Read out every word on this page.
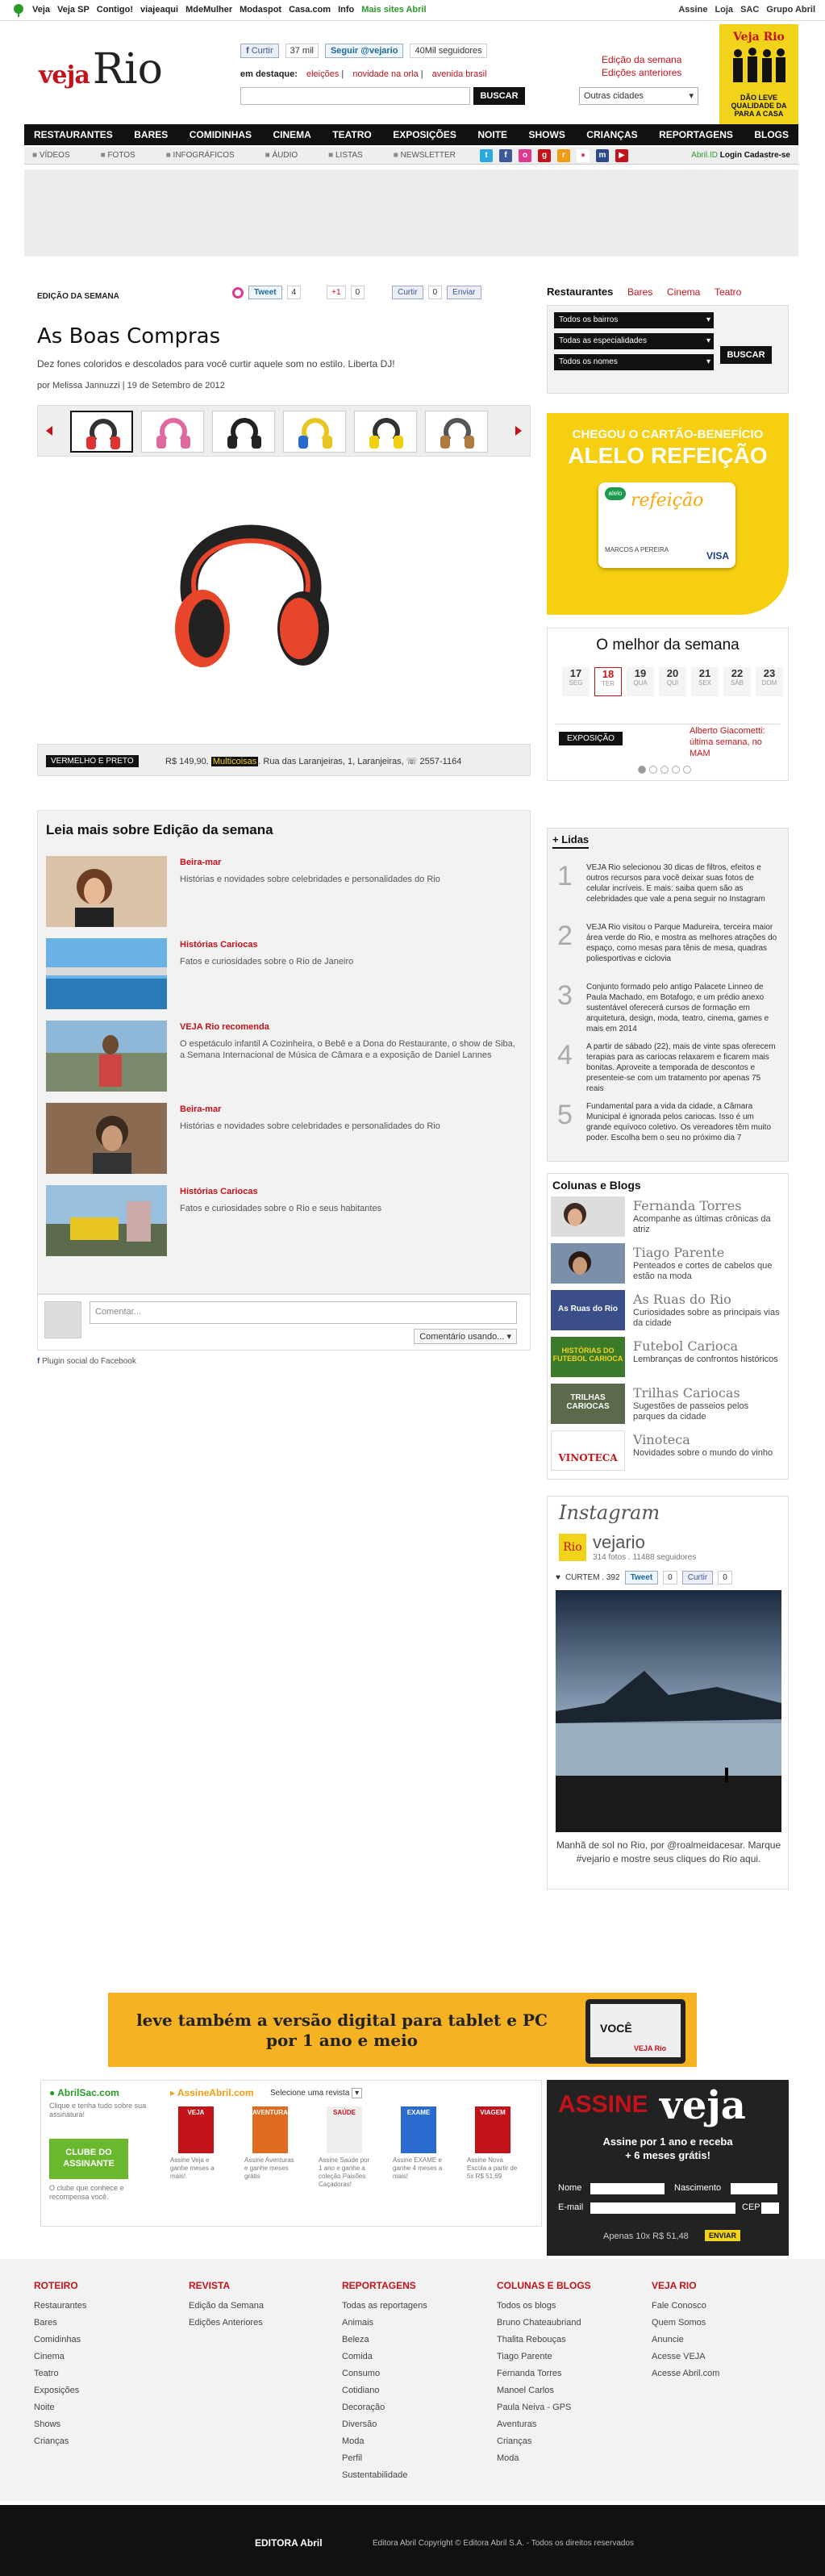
Veja Veja SP Contigo! viajeaqui MdeMulher Modaspot Casa.com Info Mais sites Abril	Assine Loja SAC Grupo Abril
vejaRio	f Curtir	37 mil	Seguir @vejario	40Mil seguidores
em destaque: eleições | novidade na orla | avenida brasil
BUSCAR
Edição da semana
Edições anteriores
Outras cidades	▾
Veja Rio
DÃO LEVE QUALIDADE DA PARA A CASA
RESTAURANTES BARES COMIDINHAS CINEMA TEATRO EXPOSIÇÕES NOITE SHOWS CRIANÇAS REPORTAGENS BLOGS
■ VÍDEOS	■ FOTOS	■ INFOGRÁFICOS	■ ÁUDIO	■ LISTAS	■ NEWSLETTER	t	f	o	g	r	●	m	▶	Abril.ID Login Cadastre-se
EDIÇÃO DA SEMANA	Tweet	4	+1	0	Curtir	0	Enviar
As Boas Compras
Dez fones coloridos e descolados para você curtir aquele som no estilo. Liberta DJ!
por Melissa Jannuzzi | 19 de Setembro de 2012
VERMELHO E PRETO	R$ 149,90. Multicoisas . Rua das Laranjeiras, 1, Laranjeiras, ☏ 2557-1164
Leia mais sobre Edição da semana
Beira-mar
Histórias e novidades sobre celebridades e personalidades do Rio
Histórias Cariocas
Fatos e curiosidades sobre o Rio de Janeiro
VEJA Rio recomenda
O espetáculo infantil A Cozinheira, o Bebê e a Dona do Restaurante, o show de Siba, a Semana Internacional de Música de Câmara e a exposição de Daniel Lannes
Beira-mar
Histórias e novidades sobre celebridades e personalidades do Rio
Histórias Cariocas
Fatos e curiosidades sobre o Rio e seus habitantes
Comentar...
Comentário usando... ▾
f Plugin social do Facebook
Restaurantes Bares Cinema Teatro
Todos os bairros	▾
Todas as especialidades	▾
Todos os nomes	▾
BUSCAR
CHEGOU O CARTÃO-BENEFÍCIO
ALELO REFEIÇÃO
alelo refeição
MARCOS A PEREIRA
VISA
O melhor da semana
17
SEG
18
TER
19
QUA
20
QUI
21
SEX
22
SÁB
23
DOM
EXPOSIÇÃO
Alberto Giacometti: última semana, no MAM
+ Lidas
1 VEJA Rio selecionou 30 dicas de filtros, efeitos e outros recursos para você deixar suas fotos de celular incríveis. E mais: saiba quem são as celebridades que vale a pena seguir no Instagram
2 VEJA Rio visitou o Parque Madureira, terceira maior área verde do Rio, e mostra as melhores atrações do espaço, como mesas para tênis de mesa, quadras poliesportivas e ciclovia
3 Conjunto formado pelo antigo Palacete Linneo de Paula Machado, em Botafogo, e um prédio anexo sustentável oferecerá cursos de formação em arquitetura, design, moda, teatro, cinema, games e mais em 2014
4 A partir de sábado (22), mais de vinte spas oferecem terapias para as cariocas relaxarem e ficarem mais bonitas. Aproveite a temporada de descontos e presenteie-se com um tratamento por apenas 75 reais
5 Fundamental para a vida da cidade, a Câmara Municipal é ignorada pelos cariocas. Isso é um grande equívoco coletivo. Os vereadores têm muito poder. Escolha bem o seu no próximo dia 7
Colunas e Blogs
Fernanda Torres
Acompanhe as últimas crônicas da atriz
Tiago Parente
Penteados e cortes de cabelos que estão na moda
As Ruas do Rio
As Ruas do Rio
Curiosidades sobre as principais vias da cidade
HISTÓRIAS DO FUTEBOL CARIOCA
Futebol Carioca
Lembranças de confrontos históricos
TRILHAS CARIOCAS
Trilhas Cariocas
Sugestões de passeios pelos parques da cidade
VINOTECA
Vinoteca
Novidades sobre o mundo do vinho
Instagram
Rio vejario
314 fotos . 11488 seguidores
♥ CURTEM . 392	Tweet	0	Curtir	0
Manhã de sol no Rio, por @roalmeidacesar. Marque #vejario e mostre seus cliques do Rio aqui.
leve também a versão digital para tablet e PC por 1 ano e meio
VOCÊ
VEJA Rio
● AbrilSac.com
Clique e tenha tudo sobre sua assinatura!
CLUBE DO ASSINANTE
O clube que conhece e recompensa você.
▸ AssineAbril.com Selecione uma revista ▾
VEJA
Assine Veja e ganhe meses a mais!
AVENTURAS
Assine Aventuras e ganhe meses grátis
SAÚDE
Assine Saúde por 1 ano e ganhe a coleção Paixões Caçadoras!
EXAME
Assine EXAME e ganhe 4 meses a mais!
VIAGEM
Assine Nova Escola a partir de 5x R$ 51,69
ASSINE veja
Assine por 1 ano e receba
+ 6 meses grátis!
Nome	Nascimento
E-mail	CEP
Apenas 10x R$ 51,48	ENVIAR
ROTEIRO
Restaurantes
Bares
Comidinhas
Cinema
Teatro
Exposições
Noite
Shows
Crianças
REVISTA
Edição da Semana
Edições Anteriores
REPORTAGENS
Todas as reportagens
Animais
Beleza
Comida
Consumo
Cotidiano
Decoração
Diversão
Moda
Perfil
Sustentabilidade
COLUNAS E BLOGS
Todos os blogs
Bruno Chateaubriand
Thalita Rebouças
Tiago Parente
Fernanda Torres
Manoel Carlos
Paula Neiva - GPS
Aventuras
Crianças
Moda
VEJA RIO
Fale Conosco
Quem Somos
Anuncie
Acesse VEJA
Acesse Abril.com
EDITORA Abril	Editora Abril Copyright © Editora Abril S.A. - Todos os direitos reservados
